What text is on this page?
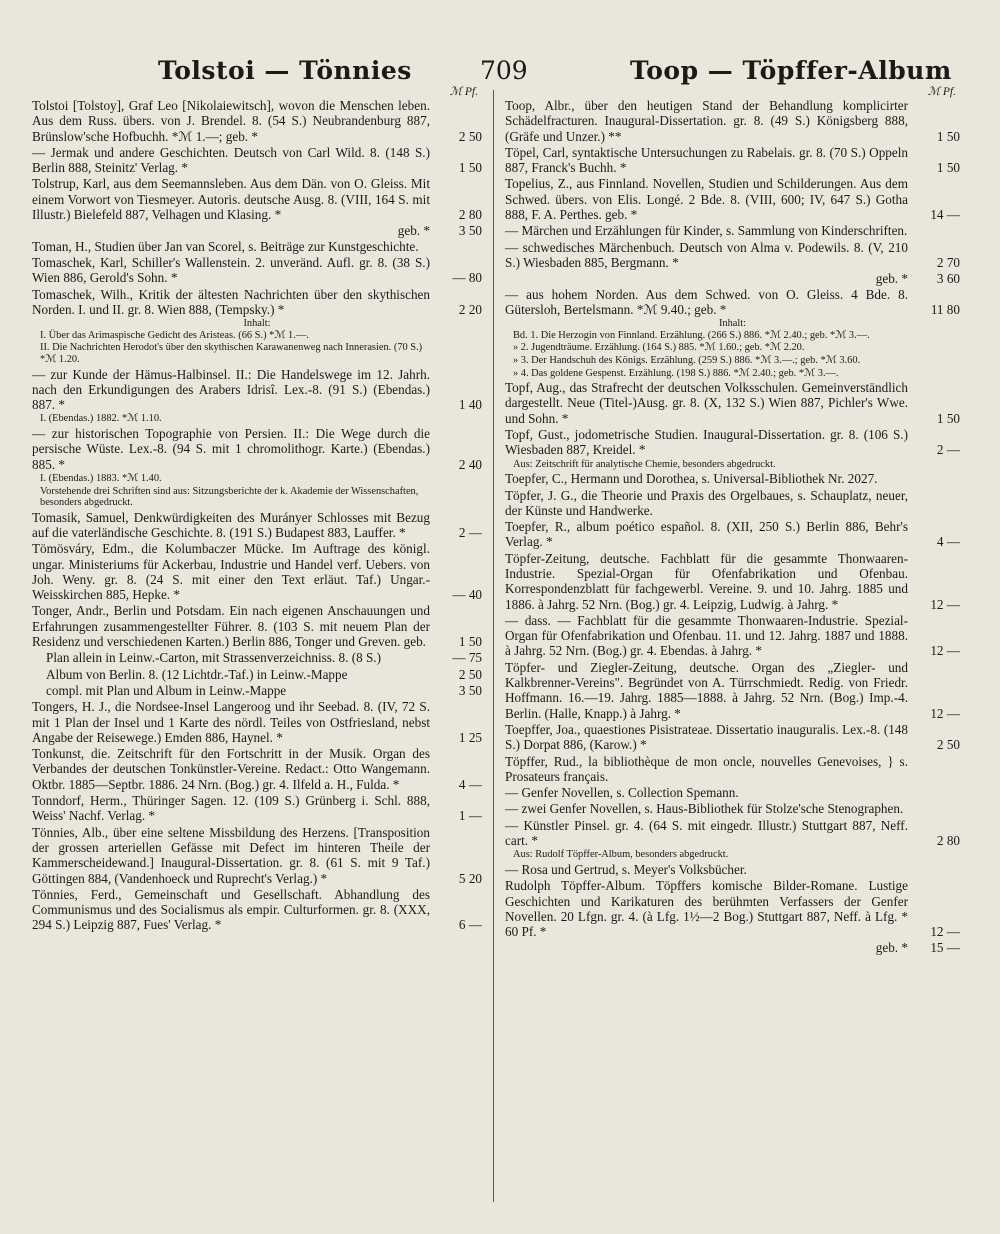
Tolstoi — Tönnies	709	Toop — Töpffer-Album
ℳ Pf.
Tolstoi [Tolstoy], Graf Leo [Nikolaiewitsch], wovon die Menschen leben. Aus dem Russ. übers. von J. Brendel. 8. (54 S.) Neubrandenburg 887, Brünslow'sche Hofbuchh. *ℳ 1.—; geb. *	2 50
— Jermak und andere Geschichten. Deutsch von Carl Wild. 8. (148 S.) Berlin 888, Steinitz' Verlag. *	1 50
Tolstrup, Karl, aus dem Seemannsleben. Aus dem Dän. von O. Gleiss. Mit einem Vorwort von Tiesmeyer. Autoris. deutsche Ausg. 8. (VIII, 164 S. mit Illustr.) Bielefeld 887, Velhagen und Klasing. *	2 80
geb. *	3 50
Toman, H., Studien über Jan van Scorel, s. Beiträge zur Kunstgeschichte.
Tomaschek, Karl, Schiller's Wallenstein. 2. unveränd. Aufl. gr. 8. (38 S.) Wien 886, Gerold's Sohn. *	— 80
Tomaschek, Wilh., Kritik der ältesten Nachrichten über den skythischen Norden. I. und II. gr. 8. Wien 888, (Tempsky.) *	2 20
Inhalt:
I. Über das Arimaspische Gedicht des Aristeas. (66 S.) *ℳ 1.—.
II. Die Nachrichten Herodot's über den skythischen Karawanenweg nach Innerasien. (70 S.) *ℳ 1.20.
— zur Kunde der Hämus-Halbinsel. II.: Die Handelswege im 12. Jahrh. nach den Erkundigungen des Arabers Idrisî. Lex.-8. (91 S.) (Ebendas.) 887. *	1 40
I. (Ebendas.) 1882. *ℳ 1.10.
— zur historischen Topographie von Persien. II.: Die Wege durch die persische Wüste. Lex.-8. (94 S. mit 1 chromolithogr. Karte.) (Ebendas.) 885. *	2 40
I. (Ebendas.) 1883. *ℳ 1.40.
Vorstehende drei Schriften sind aus: Sitzungsberichte der k. Akademie der Wissenschaften, besonders abgedruckt.
Tomasik, Samuel, Denkwürdigkeiten des Murányer Schlosses mit Bezug auf die vaterländische Geschichte. 8. (191 S.) Budapest 883, Lauffer. *	2 —
Tömösváry, Edm., die Kolumbaczer Mücke. Im Auftrage des königl. ungar. Ministeriums für Ackerbau, Industrie und Handel verf. Uebers. von Joh. Weny. gr. 8. (24 S. mit einer den Text erläut. Taf.) Ungar.-Weisskirchen 885, Hepke. *	— 40
Tonger, Andr., Berlin und Potsdam. Ein nach eigenen Anschauungen und Erfahrungen zusammengestellter Führer. 8. (103 S. mit neuem Plan der Residenz und verschiedenen Karten.) Berlin 886, Tonger und Greven. geb.	1 50
Plan allein in Leinw.-Carton, mit Strassenverzeichniss. 8. (8 S.)	— 75
Album von Berlin. 8. (12 Lichtdr.-Taf.) in Leinw.-Mappe	2 50
compl. mit Plan und Album in Leinw.-Mappe	3 50
Tongers, H. J., die Nordsee-Insel Langeroog und ihr Seebad. 8. (IV, 72 S. mit 1 Plan der Insel und 1 Karte des nördl. Teiles von Ostfriesland, nebst Angabe der Reisewege.) Emden 886, Haynel. *	1 25
Tonkunst, die. Zeitschrift für den Fortschritt in der Musik. Organ des Verbandes der deutschen Tonkünstler-Vereine. Redact.: Otto Wangemann. Oktbr. 1885—Septbr. 1886. 24 Nrn. (Bog.) gr. 4. Ilfeld a. H., Fulda. *	4 —
Tonndorf, Herm., Thüringer Sagen. 12. (109 S.) Grünberg i. Schl. 888, Weiss' Nachf. Verlag. *	1 —
Tönnies, Alb., über eine seltene Missbildung des Herzens. [Transposition der grossen arteriellen Gefässe mit Defect im hinteren Theile der Kammerscheidewand.] Inaugural-Dissertation. gr. 8. (61 S. mit 9 Taf.) Göttingen 884, (Vandenhoeck und Ruprecht's Verlag.) *	5 20
Tönnies, Ferd., Gemeinschaft und Gesellschaft. Abhandlung des Communismus und des Socialismus als empir. Culturformen. gr. 8. (XXX, 294 S.) Leipzig 887, Fues' Verlag. *	6 —
ℳ Pf.
Toop, Albr., über den heutigen Stand der Behandlung komplicirter Schädelfracturen. Inaugural-Dissertation. gr. 8. (49 S.) Königsberg 888, (Gräfe und Unzer.) **	1 50
Töpel, Carl, syntaktische Untersuchungen zu Rabelais. gr. 8. (70 S.) Oppeln 887, Franck's Buchh. *	1 50
Topelius, Z., aus Finnland. Novellen, Studien und Schilderungen. Aus dem Schwed. übers. von Elis. Longé. 2 Bde. 8. (VIII, 600; IV, 647 S.) Gotha 888, F. A. Perthes. geb. *	14 —
— Märchen und Erzählungen für Kinder, s. Sammlung von Kinderschriften.
— schwedisches Märchenbuch. Deutsch von Alma v. Podewils. 8. (V, 210 S.) Wiesbaden 885, Bergmann. *	2 70
geb. *	3 60
— aus hohem Norden. Aus dem Schwed. von O. Gleiss. 4 Bde. 8. Gütersloh, Bertelsmann. *ℳ 9.40.; geb. *	11 80
Inhalt:
Bd. 1. Die Herzogin von Finnland. Erzählung. (266 S.) 886. *ℳ 2.40.; geb. *ℳ 3.—.
» 2. Jugendträume. Erzählung. (164 S.) 885. *ℳ 1.60.; geb. *ℳ 2.20.
» 3. Der Handschuh des Königs. Erzählung. (259 S.) 886. *ℳ 3.—.; geb. *ℳ 3.60.
» 4. Das goldene Gespenst. Erzählung. (198 S.) 886. *ℳ 2.40.; geb. *ℳ 3.—.
Topf, Aug., das Strafrecht der deutschen Volksschulen. Gemeinverständlich dargestellt. Neue (Titel-)Ausg. gr. 8. (X, 132 S.) Wien 887, Pichler's Wwe. und Sohn. *	1 50
Topf, Gust., jodometrische Studien. Inaugural-Dissertation. gr. 8. (106 S.) Wiesbaden 887, Kreidel. *	2 —
Aus: Zeitschrift für analytische Chemie, besonders abgedruckt.
Toepfer, C., Hermann und Dorothea, s. Universal-Bibliothek Nr. 2027.
Töpfer, J. G., die Theorie und Praxis des Orgelbaues, s. Schauplatz, neuer, der Künste und Handwerke.
Toepfer, R., album poético español. 8. (XII, 250 S.) Berlin 886, Behr's Verlag. *	4 —
Töpfer-Zeitung, deutsche. Fachblatt für die gesammte Thonwaaren-Industrie. Spezial-Organ für Ofenfabrikation und Ofenbau. Korrespondenzblatt für fachgewerbl. Vereine. 9. und 10. Jahrg. 1885 und 1886. à Jahrg. 52 Nrn. (Bog.) gr. 4. Leipzig, Ludwig. à Jahrg. *	12 —
— dass. — Fachblatt für die gesammte Thonwaaren-Industrie. Spezial-Organ für Ofenfabrikation und Ofenbau. 11. und 12. Jahrg. 1887 und 1888. à Jahrg. 52 Nrn. (Bog.) gr. 4. Ebendas. à Jahrg. *	12 —
Töpfer- und Ziegler-Zeitung, deutsche. Organ des „Ziegler- und Kalkbrenner-Vereins". Begründet von A. Türrschmiedt. Redig. von Friedr. Hoffmann. 16.—19. Jahrg. 1885—1888. à Jahrg. 52 Nrn. (Bog.) Imp.-4. Berlin. (Halle, Knapp.) à Jahrg. *	12 —
Toepffer, Joa., quaestiones Pisistrateae. Dissertatio inauguralis. Lex.-8. (148 S.) Dorpat 886, (Karow.) *	2 50
Töpffer, Rud., la bibliothèque de mon oncle, nouvelles Genevoises, } s. Prosateurs français.
— Genfer Novellen, s. Collection Spemann.
— zwei Genfer Novellen, s. Haus-Bibliothek für Stolze'sche Stenographen.
— Künstler Pinsel. gr. 4. (64 S. mit eingedr. Illustr.) Stuttgart 887, Neff. cart. *	2 80
Aus: Rudolf Töpffer-Album, besonders abgedruckt.
— Rosa und Gertrud, s. Meyer's Volksbücher.
Rudolph Töpffer-Album. Töpffers komische Bilder-Romane. Lustige Geschichten und Karikaturen des berühmten Verfassers der Genfer Novellen. 20 Lfgn. gr. 4. (à Lfg. 1½—2 Bog.) Stuttgart 887, Neff. à Lfg. * 60 Pf. *	12 —
geb. *	15 —
